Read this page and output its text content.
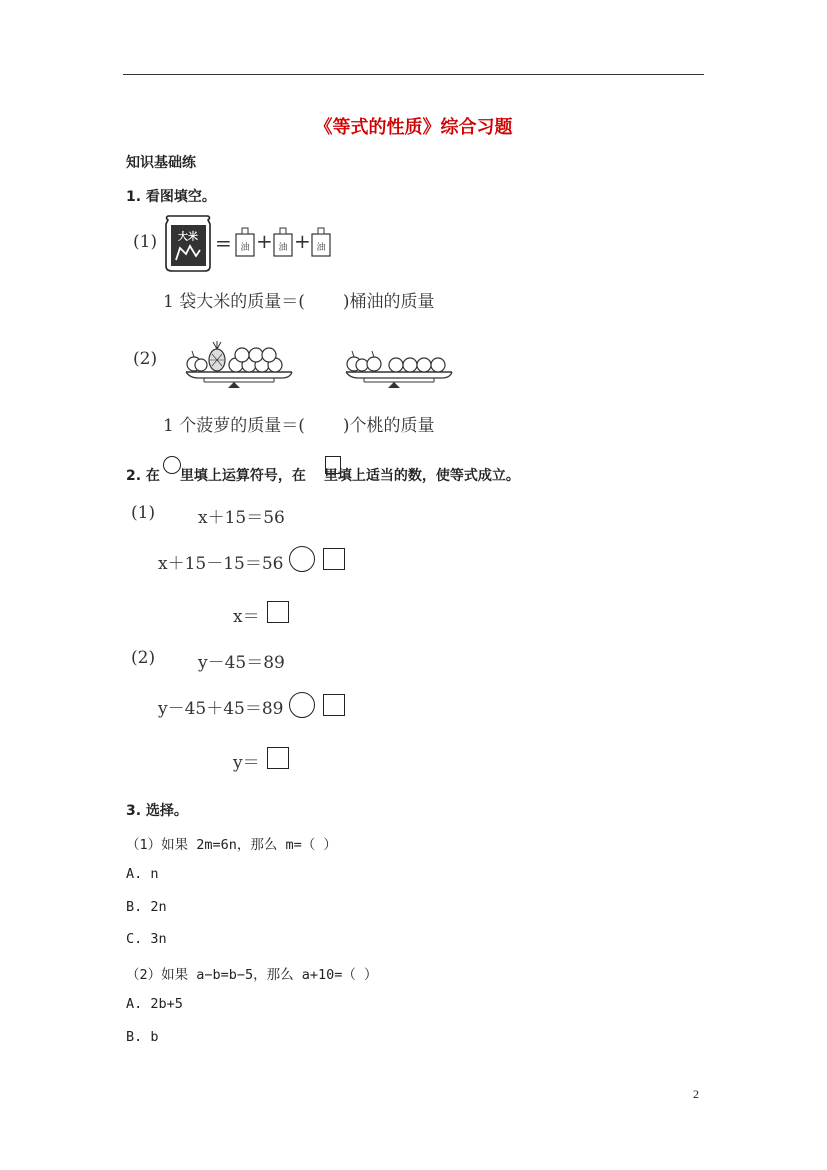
《等式的性质》综合习题
知识基础练
1. 看图填空。
(1) 大米 = 油 + 油 + 油
1 袋大米的质量＝( )桶油的质量
(2)
1 个菠萝的质量＝( )个桃的质量
2. 在 里填上运算符号，在 里填上适当的数，使等式成立。
(1)	x＋15＝56
x＋15－15＝56
x＝
(2)	y－45＝89
y－45＋45＝89
y＝
3. 选择。
（1）如果 2m=6n，那么 m=（ ）
A. n
B. 2n
C. 3n
（2）如果 a−b=b−5，那么 a+10=（ ）
A. 2b+5
B. b
2
